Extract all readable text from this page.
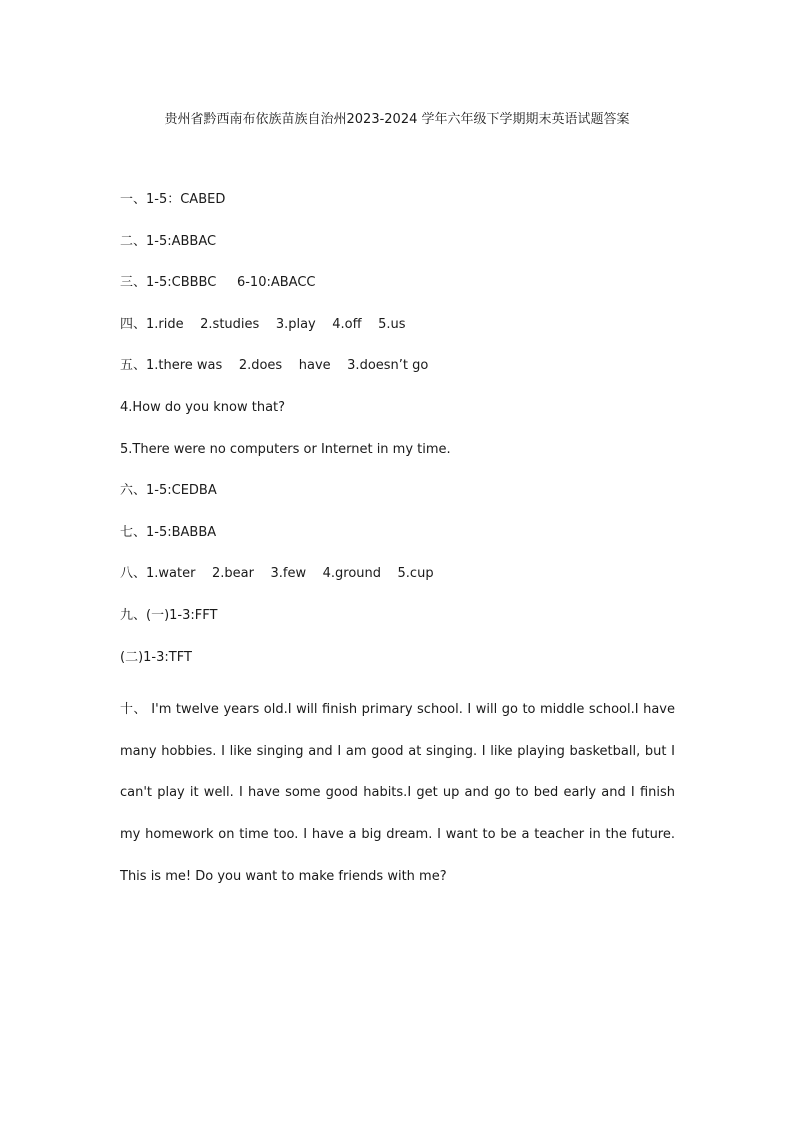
贵州省黔西南布依族苗族自治州2023-2024 学年六年级下学期期末英语试题答案
一、1-5：CABED
二、1-5:ABBAC
三、1-5:CBBBC     6-10:ABACC
四、1.ride    2.studies    3.play    4.off    5.us
五、1.there was    2.does    have    3.doesn’t go
4.How do you know that?
5.There were no computers or Internet in my time.
六、1-5:CEDBA
七、1-5:BABBA
八、1.water    2.bear    3.few    4.ground    5.cup
九、(一)1-3:FFT
(二)1-3:TFT
十、 I'm twelve years old.I will finish primary school. I will go to middle school.I have many hobbies. I like singing and I am good at singing. I like playing basketball, but I can't play it well. I have some good habits.I get up and go to bed early and I finish my homework on time too. I have a big dream. I want to be a teacher in the future. This is me! Do you want to make friends with me?
